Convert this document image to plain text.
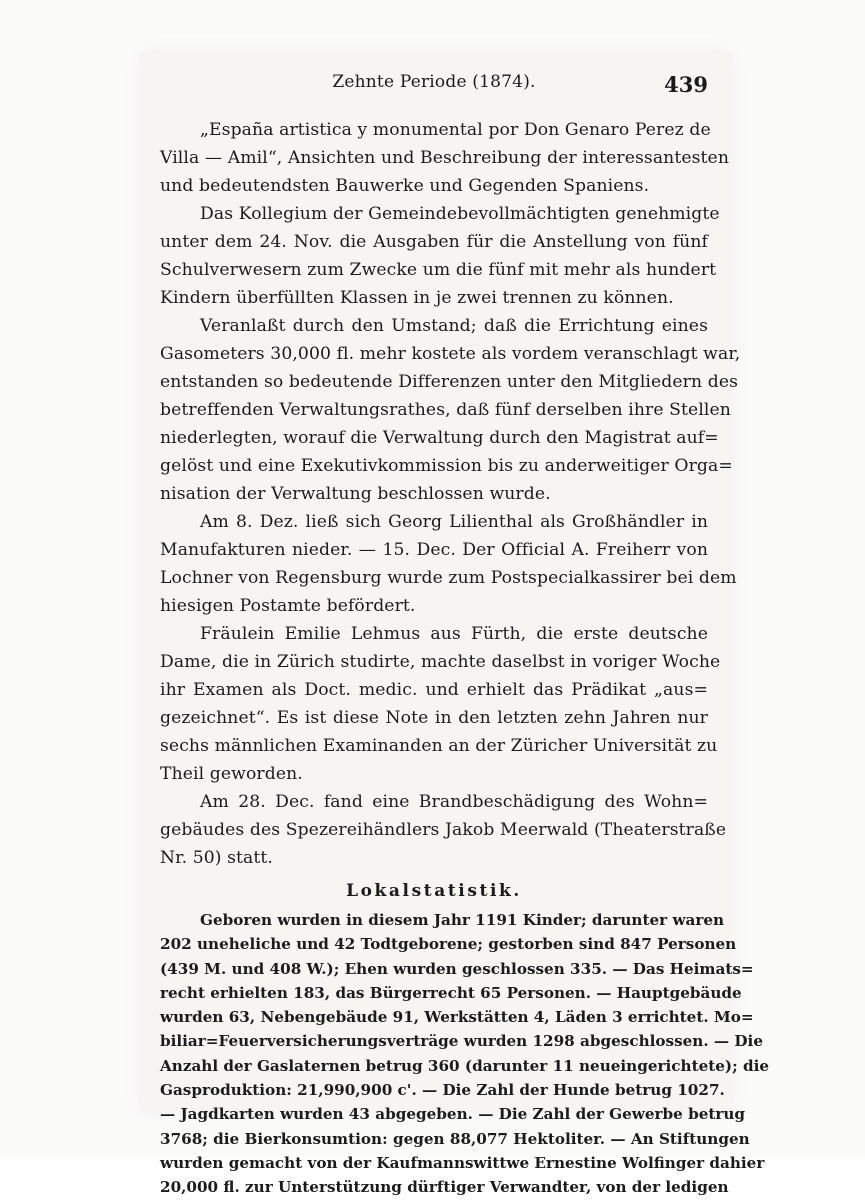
Zehnte Periode (1874).	439
„España artistica y monumental por Don Genaro Perez de
Villa — Amil“, Ansichten und Beschreibung der interessantesten
und bedeutendsten Bauwerke und Gegenden Spaniens.
Das Kollegium der Gemeindebevollmächtigten genehmigte
unter dem 24. Nov. die Ausgaben für die Anstellung von fünf
Schulverwesern zum Zwecke um die fünf mit mehr als hundert
Kindern überfüllten Klassen in je zwei trennen zu können.
Veranlaßt durch den Umstand; daß die Errichtung eines
Gasometers 30,000 fl. mehr kostete als vordem veranschlagt war,
entstanden so bedeutende Differenzen unter den Mitgliedern des
betreffenden Verwaltungsrathes, daß fünf derselben ihre Stellen
niederlegten, worauf die Verwaltung durch den Magistrat auf=
gelöst und eine Exekutivkommission bis zu anderweitiger Orga=
nisation der Verwaltung beschlossen wurde.
Am 8. Dez. ließ sich Georg Lilienthal als Großhändler in
Manufakturen nieder. — 15. Dec. Der Official A. Freiherr von
Lochner von Regensburg wurde zum Postspecialkassirer bei dem
hiesigen Postamte befördert.
Fräulein Emilie Lehmus aus Fürth, die erste deutsche
Dame, die in Zürich studirte, machte daselbst in voriger Woche
ihr Examen als Doct. medic. und erhielt das Prädikat „aus=
gezeichnet“. Es ist diese Note in den letzten zehn Jahren nur
sechs männlichen Examinanden an der Züricher Universität zu
Theil geworden.
Am 28. Dec. fand eine Brandbeschädigung des Wohn=
gebäudes des Spezereihändlers Jakob Meerwald (Theaterstraße
Nr. 50) statt.
Lokalstatistik.
Geboren wurden in diesem Jahr 1191 Kinder; darunter waren
202 uneheliche und 42 Todtgeborene; gestorben sind 847 Personen
(439 M. und 408 W.); Ehen wurden geschlossen 335. — Das Heimats=
recht erhielten 183, das Bürgerrecht 65 Personen. — Hauptgebäude
wurden 63, Nebengebäude 91, Werkstätten 4, Läden 3 errichtet. Mo=
biliar=Feuerversicherungsverträge wurden 1298 abgeschlossen. — Die
Anzahl der Gaslaternen betrug 360 (darunter 11 neueingerichtete); die
Gasproduktion: 21,990,900 c'. — Die Zahl der Hunde betrug 1027.
— Jagdkarten wurden 43 abgegeben. — Die Zahl der Gewerbe betrug
3768; die Bierkonsumtion: gegen 88,077 Hektoliter. — An Stiftungen
wurden gemacht von der Kaufmannswittwe Ernestine Wolfinger dahier
20,000 fl. zur Unterstützung dürftiger Verwandter, von der ledigen
